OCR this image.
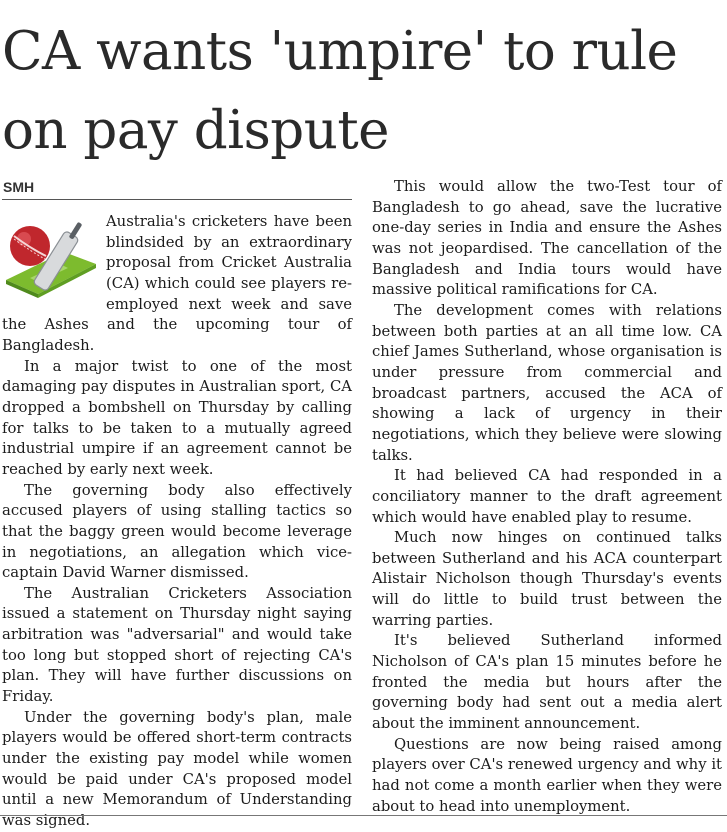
CA wants 'umpire' to rule on pay dispute
SMH

Australia's cricketers have been blindsided by an extraordinary proposal from Cricket Australia (CA) which could see players re-employed next week and save the Ashes and the upcoming tour of Bangladesh.

In a major twist to one of the most damaging pay disputes in Australian sport, CA dropped a bombshell on Thursday by calling for talks to be taken to a mutually agreed industrial umpire if an agreement cannot be reached by early next week.

The governing body also effectively accused players of using stalling tactics so that the baggy green would become leverage in negotiations, an allegation which vice-captain David Warner dismissed.

The Australian Cricketers Association issued a statement on Thursday night saying arbitration was "adversarial" and would take too long but stopped short of rejecting CA's plan. They will have further discussions on Friday.

Under the governing body's plan, male players would be offered short-term contracts under the existing pay model while women would be paid under CA's proposed model until a new Memorandum of Understanding was signed.

This would allow the two-Test tour of Bangladesh to go ahead, save the lucrative one-day series in India and ensure the Ashes was not jeopardised. The cancellation of the Bangladesh and India tours would have massive political ramifications for CA.

The development comes with relations between both parties at an all time low. CA chief James Sutherland, whose organisation is under pressure from commercial and broadcast partners, accused the ACA of showing a lack of urgency in their negotiations, which they believe were slowing talks.

It had believed CA had responded in a conciliatory manner to the draft agreement which would have enabled play to resume.

Much now hinges on continued talks between Sutherland and his ACA counterpart Alistair Nicholson though Thursday's events will do little to build trust between the warring parties.

It's believed Sutherland informed Nicholson of CA's plan 15 minutes before he fronted the media but hours after the governing body had sent out a media alert about the imminent announcement.

Questions are now being raised among players over CA's renewed urgency and why it had not come a month earlier when they were about to head into unemployment.
